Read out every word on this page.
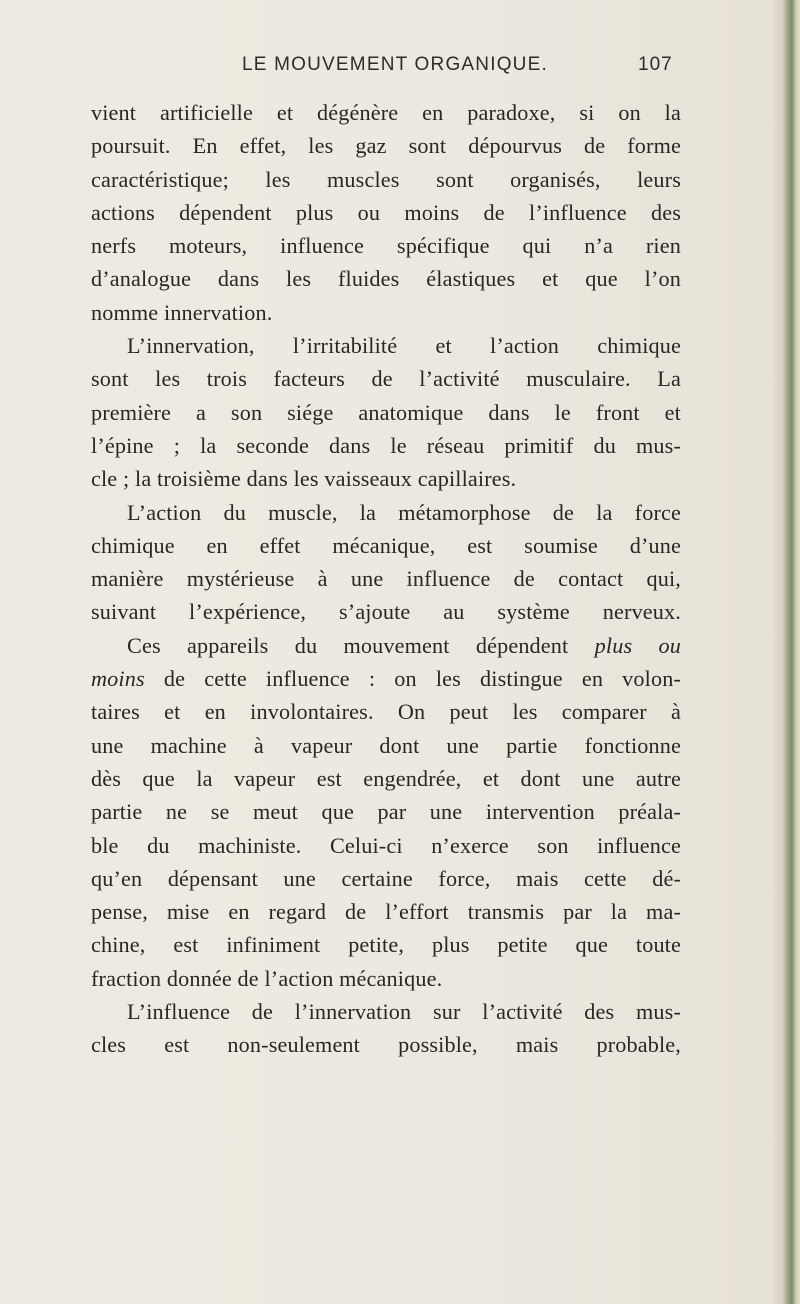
LE MOUVEMENT ORGANIQUE.	107
vient artificielle et dégénère en paradoxe, si on la
poursuit. En effet, les gaz sont dépourvus de forme
caractéristique; les muscles sont organisés, leurs
actions dépendent plus ou moins de l’influence des
nerfs moteurs, influence spécifique qui n’a rien
d’analogue dans les fluides élastiques et que l’on
nomme innervation.
L’innervation, l’irritabilité et l’action chimique
sont les trois facteurs de l’activité musculaire. La
première a son siége anatomique dans le front et
l’épine ; la seconde dans le réseau primitif du mus-
cle ; la troisième dans les vaisseaux capillaires.
L’action du muscle, la métamorphose de la force
chimique en effet mécanique, est soumise d’une
manière mystérieuse à une influence de contact qui,
suivant l’expérience, s’ajoute au système nerveux.
Ces appareils du mouvement dépendent plus ou
moins de cette influence : on les distingue en volon-
taires et en involontaires. On peut les comparer à
une machine à vapeur dont une partie fonctionne
dès que la vapeur est engendrée, et dont une autre
partie ne se meut que par une intervention préala-
ble du machiniste. Celui-ci n’exerce son influence
qu’en dépensant une certaine force, mais cette dé-
pense, mise en regard de l’effort transmis par la ma-
chine, est infiniment petite, plus petite que toute
fraction donnée de l’action mécanique.
L’influence de l’innervation sur l’activité des mus-
cles est non-seulement possible, mais probable,
